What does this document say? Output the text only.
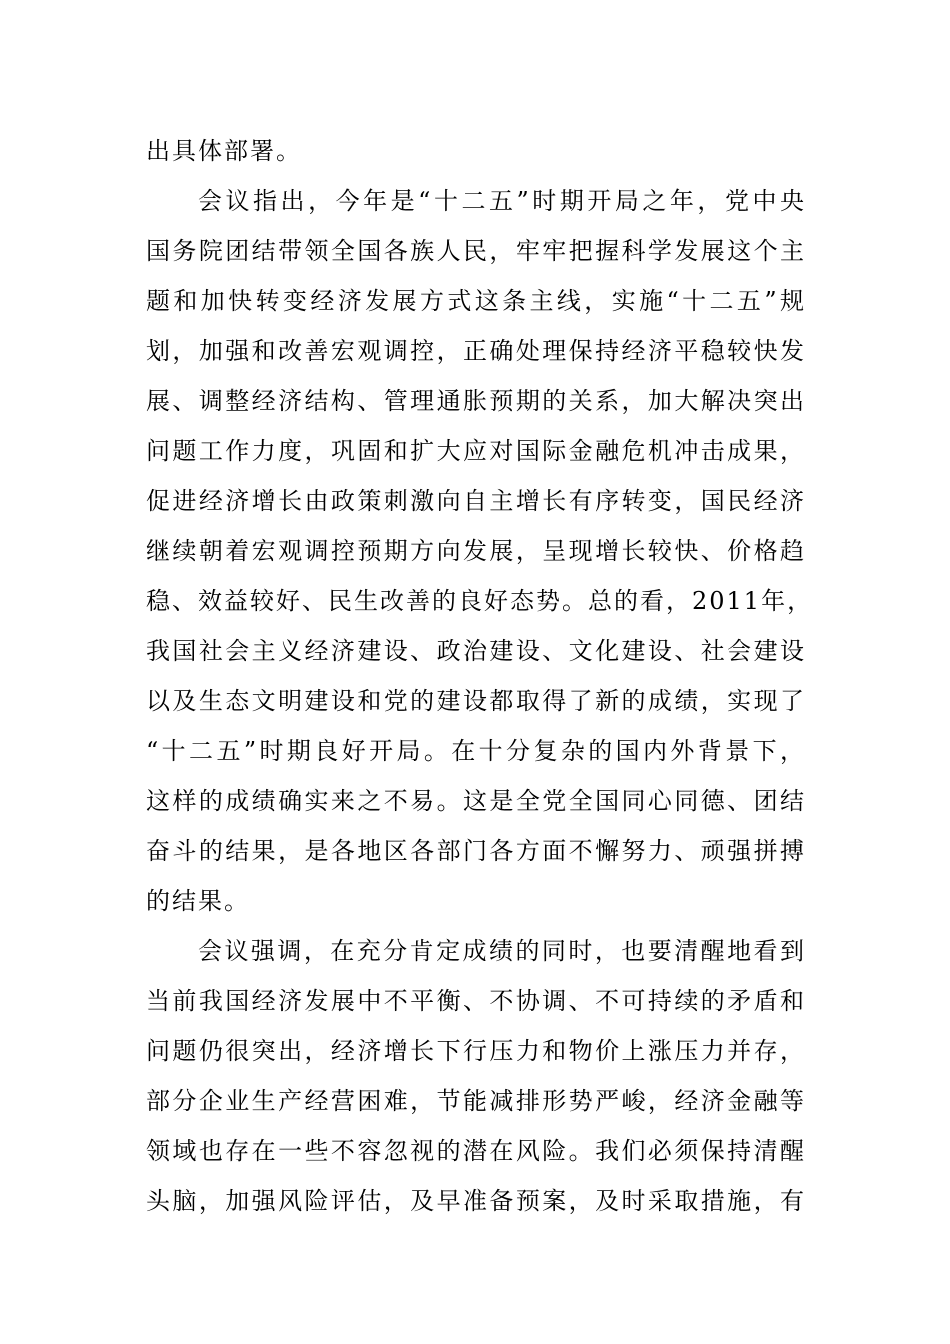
出具体部署。
会议指出，今年是“十二五”时期开局之年，党中央
国务院团结带领全国各族人民，牢牢把握科学发展这个主
题和加快转变经济发展方式这条主线，实施“十二五”规
划，加强和改善宏观调控，正确处理保持经济平稳较快发
展、调整经济结构、管理通胀预期的关系，加大解决突出
问题工作力度，巩固和扩大应对国际金融危机冲击成果，
促进经济增长由政策刺激向自主增长有序转变，国民经济
继续朝着宏观调控预期方向发展，呈现增长较快、价格趋
稳、效益较好、民生改善的良好态势。总的看，2011年，
我国社会主义经济建设、政治建设、文化建设、社会建设
以及生态文明建设和党的建设都取得了新的成绩，实现了
“十二五”时期良好开局。在十分复杂的国内外背景下，
这样的成绩确实来之不易。这是全党全国同心同德、团结
奋斗的结果，是各地区各部门各方面不懈努力、顽强拼搏
的结果。
会议强调，在充分肯定成绩的同时，也要清醒地看到
当前我国经济发展中不平衡、不协调、不可持续的矛盾和
问题仍很突出，经济增长下行压力和物价上涨压力并存，
部分企业生产经营困难，节能减排形势严峻，经济金融等
领域也存在一些不容忽视的潜在风险。我们必须保持清醒
头脑，加强风险评估，及早准备预案，及时采取措施，有
